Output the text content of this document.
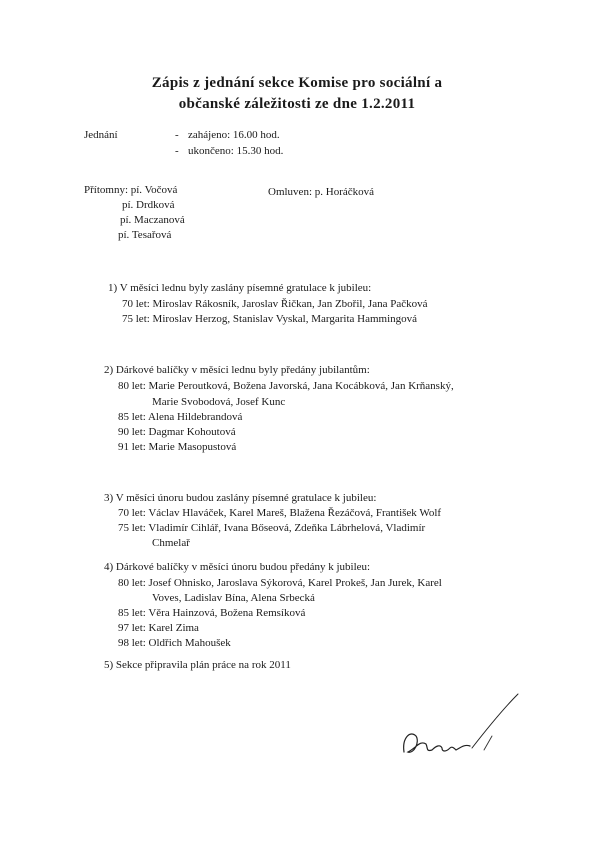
Zápis z jednání sekce Komise pro sociální a
občanské záležitosti ze dne 1.2.2011
Jednání	- zahájeno: 16.00 hod.
- ukončeno: 15.30 hod.
Přítomny: pí. Vočová
pí. Drdková
pí. Maczanová
pí. Tesařová
Omluven: p. Horáčková
1) V měsíci lednu byly zaslány písemné gratulace k jubileu:
70 let: Miroslav Rákosník, Jaroslav Řičkan, Jan Zbořil, Jana Pačková
75 let: Miroslav Herzog, Stanislav Vyskal, Margarita Hammingová
2) Dárkové balíčky v měsíci lednu byly předány jubilantům:
80 let: Marie Peroutková, Božena Javorská, Jana Kocábková, Jan Krňanský,
Marie Svobodová, Josef Kunc
85 let: Alena Hildebrandová
90 let: Dagmar Kohoutová
91 let: Marie Masopustová
3) V měsíci únoru budou zaslány písemné gratulace k jubileu:
70 let: Václav Hlaváček, Karel Mareš, Blažena Řezáčová, František Wolf
75 let: Vladimír Cihlář, Ivana Bőseová, Zdeňka Lábrhelová, Vladimír
Chmelař
4) Dárkové balíčky v měsíci únoru budou předány k jubileu:
80 let: Josef Ohnisko, Jaroslava Sýkorová, Karel Prokeš, Jan Jurek, Karel
Voves, Ladislav Bína, Alena Srbecká
85 let: Věra Hainzová, Božena Remsíková
97 let: Karel Zima
98 let: Oldřich Mahoušek
5) Sekce připravila plán práce na rok 2011
